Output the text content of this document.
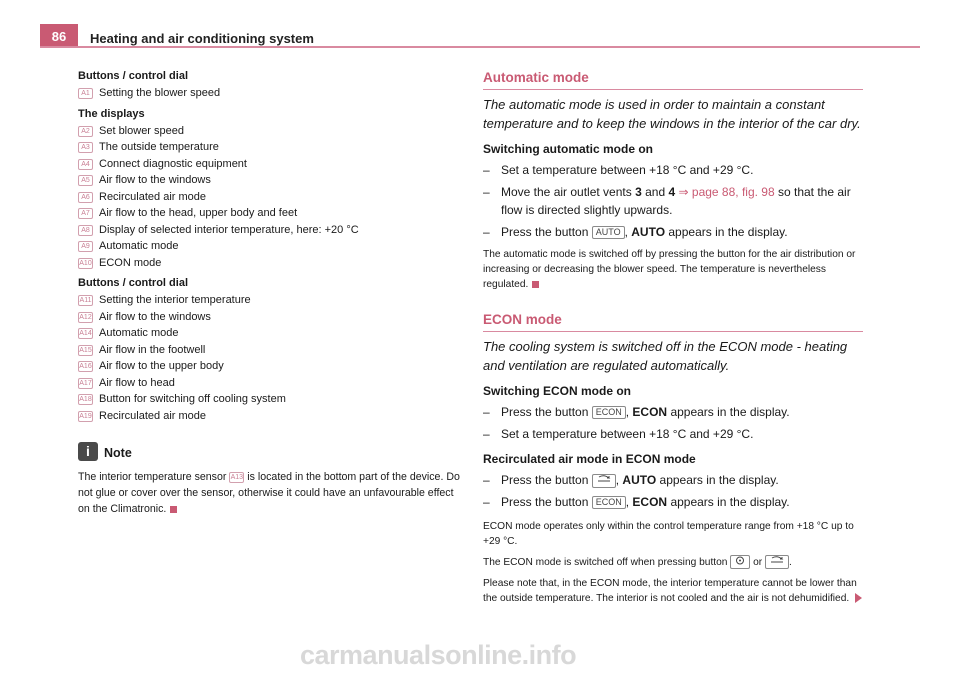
86	Heating and air conditioning system
Buttons / control dial
A1 Setting the blower speed
The displays
A2 Set blower speed
A3 The outside temperature
A4 Connect diagnostic equipment
A5 Air flow to the windows
A6 Recirculated air mode
A7 Air flow to the head, upper body and feet
A8 Display of selected interior temperature, here: +20 °C
A9 Automatic mode
A10 ECON mode
Buttons / control dial
A11 Setting the interior temperature
A12 Air flow to the windows
A14 Automatic mode
A15 Air flow in the footwell
A16 Air flow to the upper body
A17 Air flow to head
A18 Button for switching off cooling system
A19 Recirculated air mode
i	Note
The interior temperature sensor A13 is located in the bottom part of the device. Do not glue or cover over the sensor, otherwise it could have an unfavourable effect on the Climatronic.
Automatic mode
The automatic mode is used in order to maintain a constant temperature and to keep the windows in the interior of the car dry.
Switching automatic mode on
– Set a temperature between +18 °C and +29 °C.
– Move the air outlet vents 3 and 4 ⇒ page 88, fig. 98 so that the air flow is directed slightly upwards.
– Press the button AUTO , AUTO appears in the display.
The automatic mode is switched off by pressing the button for the air distribution or increasing or decreasing the blower speed. The temperature is nevertheless regulated.
ECON mode
The cooling system is switched off in the ECON mode - heating and ventilation are regulated automatically.
Switching ECON mode on
– Press the button ECON , ECON appears in the display.
– Set a temperature between +18 °C and +29 °C.
Recirculated air mode in ECON mode
– Press the button , AUTO appears in the display.
– Press the button ECON , ECON appears in the display.
ECON mode operates only within the control temperature range from +18 °C up to +29 °C.
The ECON mode is switched off when pressing button	or	.
Please note that, in the ECON mode, the interior temperature cannot be lower than the outside temperature. The interior is not cooled and the air is not dehumidified.
carmanualsonline.info
